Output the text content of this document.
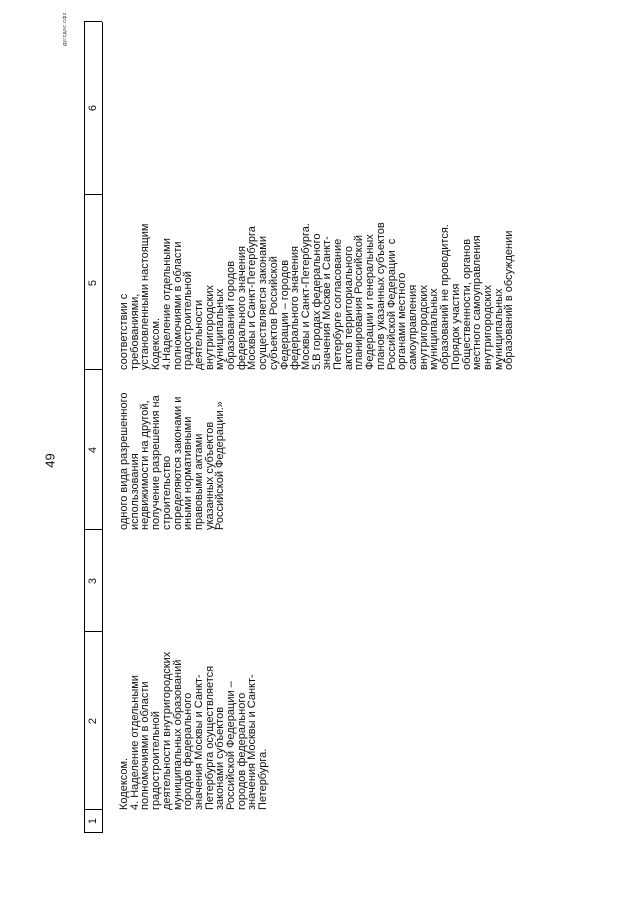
49
дугсдос сфс
1
2
3
4
5
6
Кодексом.
4. Наделение отдельными
полномочиями в области
градостроительной
деятельности внутригородских
муниципальных образований
городов федерального
значения Москвы и Санкт-
Петербурга осуществляется
законами субъектов
Российской Федерации –
городов федерального
значения Москвы и Санкт-
Петербурга.
одного вида разрешенного
использования
недвижимости на другой,
получение разрешения на
строительство
определяются законами и
иными нормативными
правовыми актами
указанных субъектов
Российской Федерации.»
соответствии с
требованиями,
установленными настоящим
Кодексом.
4.Наделение отдельными
полномочиями в области
градостроительной
деятельности
внутригородских
муниципальных
образований городов
федерального значения
Москвы и Санкт-Петербурга
осуществляется законами
субъектов Российской
Федерации – городов
федерального значения
Москвы и Санкт-Петербурга.
5.В городах федерального
значения Москве и Санкт-
Петербурге согласование
актов территориального
планирования Российской
Федерации и генеральных
планов указанных субъектов
Российской Федерации  с
органами местного
самоуправления
внутригородских
муниципальных
образований не проводится.
Порядок участия
общественности, органов
местного самоуправления
внутригородских
муниципальных
образований в обсуждении
